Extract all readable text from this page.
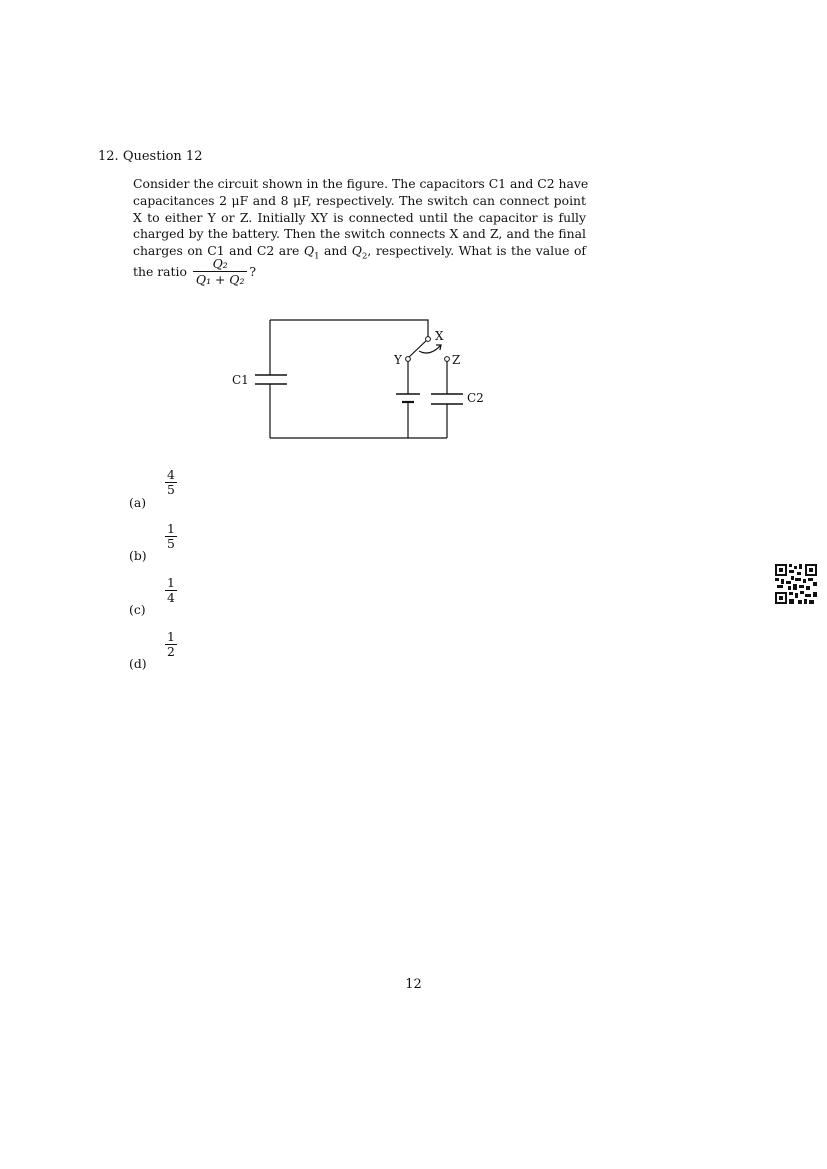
12. Question 12
Consider the circuit shown in the figure. The capacitors C1 and C2 have
capacitances 2 μF and 8 μF, respectively. The switch can connect point
X to either Y or Z. Initially XY is connected until the capacitor is fully
charged by the battery. Then the switch connects X and Z, and the final
charges on C1 and C2 are $Q_1$ and $Q_2$, respectively. What is the value of
the ratio $\frac{\text{Q₂}}{\text{Q₁ + Q₂}}$ ?
C1
C2
X
Y	Z
$\frac{4}{5}$
(a)
$\frac{1}{5}$
(b)
$\frac{1}{4}$
(c)
$\frac{1}{2}$
(d)
12
